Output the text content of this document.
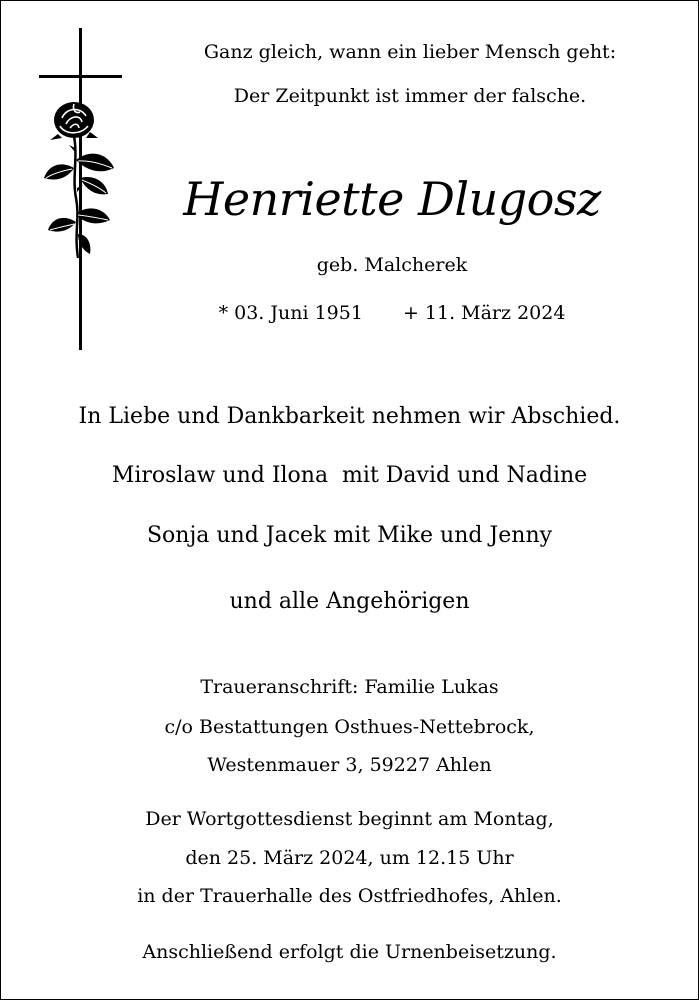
Ganz gleich, wann ein lieber Mensch geht:
Der Zeitpunkt ist immer der falsche.
Henriette Dlugosz
geb. Malcherek
* 03. Juni 1951 + 11. März 2024
In Liebe und Dankbarkeit nehmen wir Abschied.
Miroslaw und Ilona  mit David und Nadine
Sonja und Jacek mit Mike und Jenny
und alle Angehörigen
Traueranschrift: Familie Lukas
c/o Bestattungen Osthues-Nettebrock,
Westenmauer 3, 59227 Ahlen
Der Wortgottesdienst beginnt am Montag,
den 25. März 2024, um 12.15 Uhr
in der Trauerhalle des Ostfriedhofes, Ahlen.
Anschließend erfolgt die Urnenbeisetzung.
